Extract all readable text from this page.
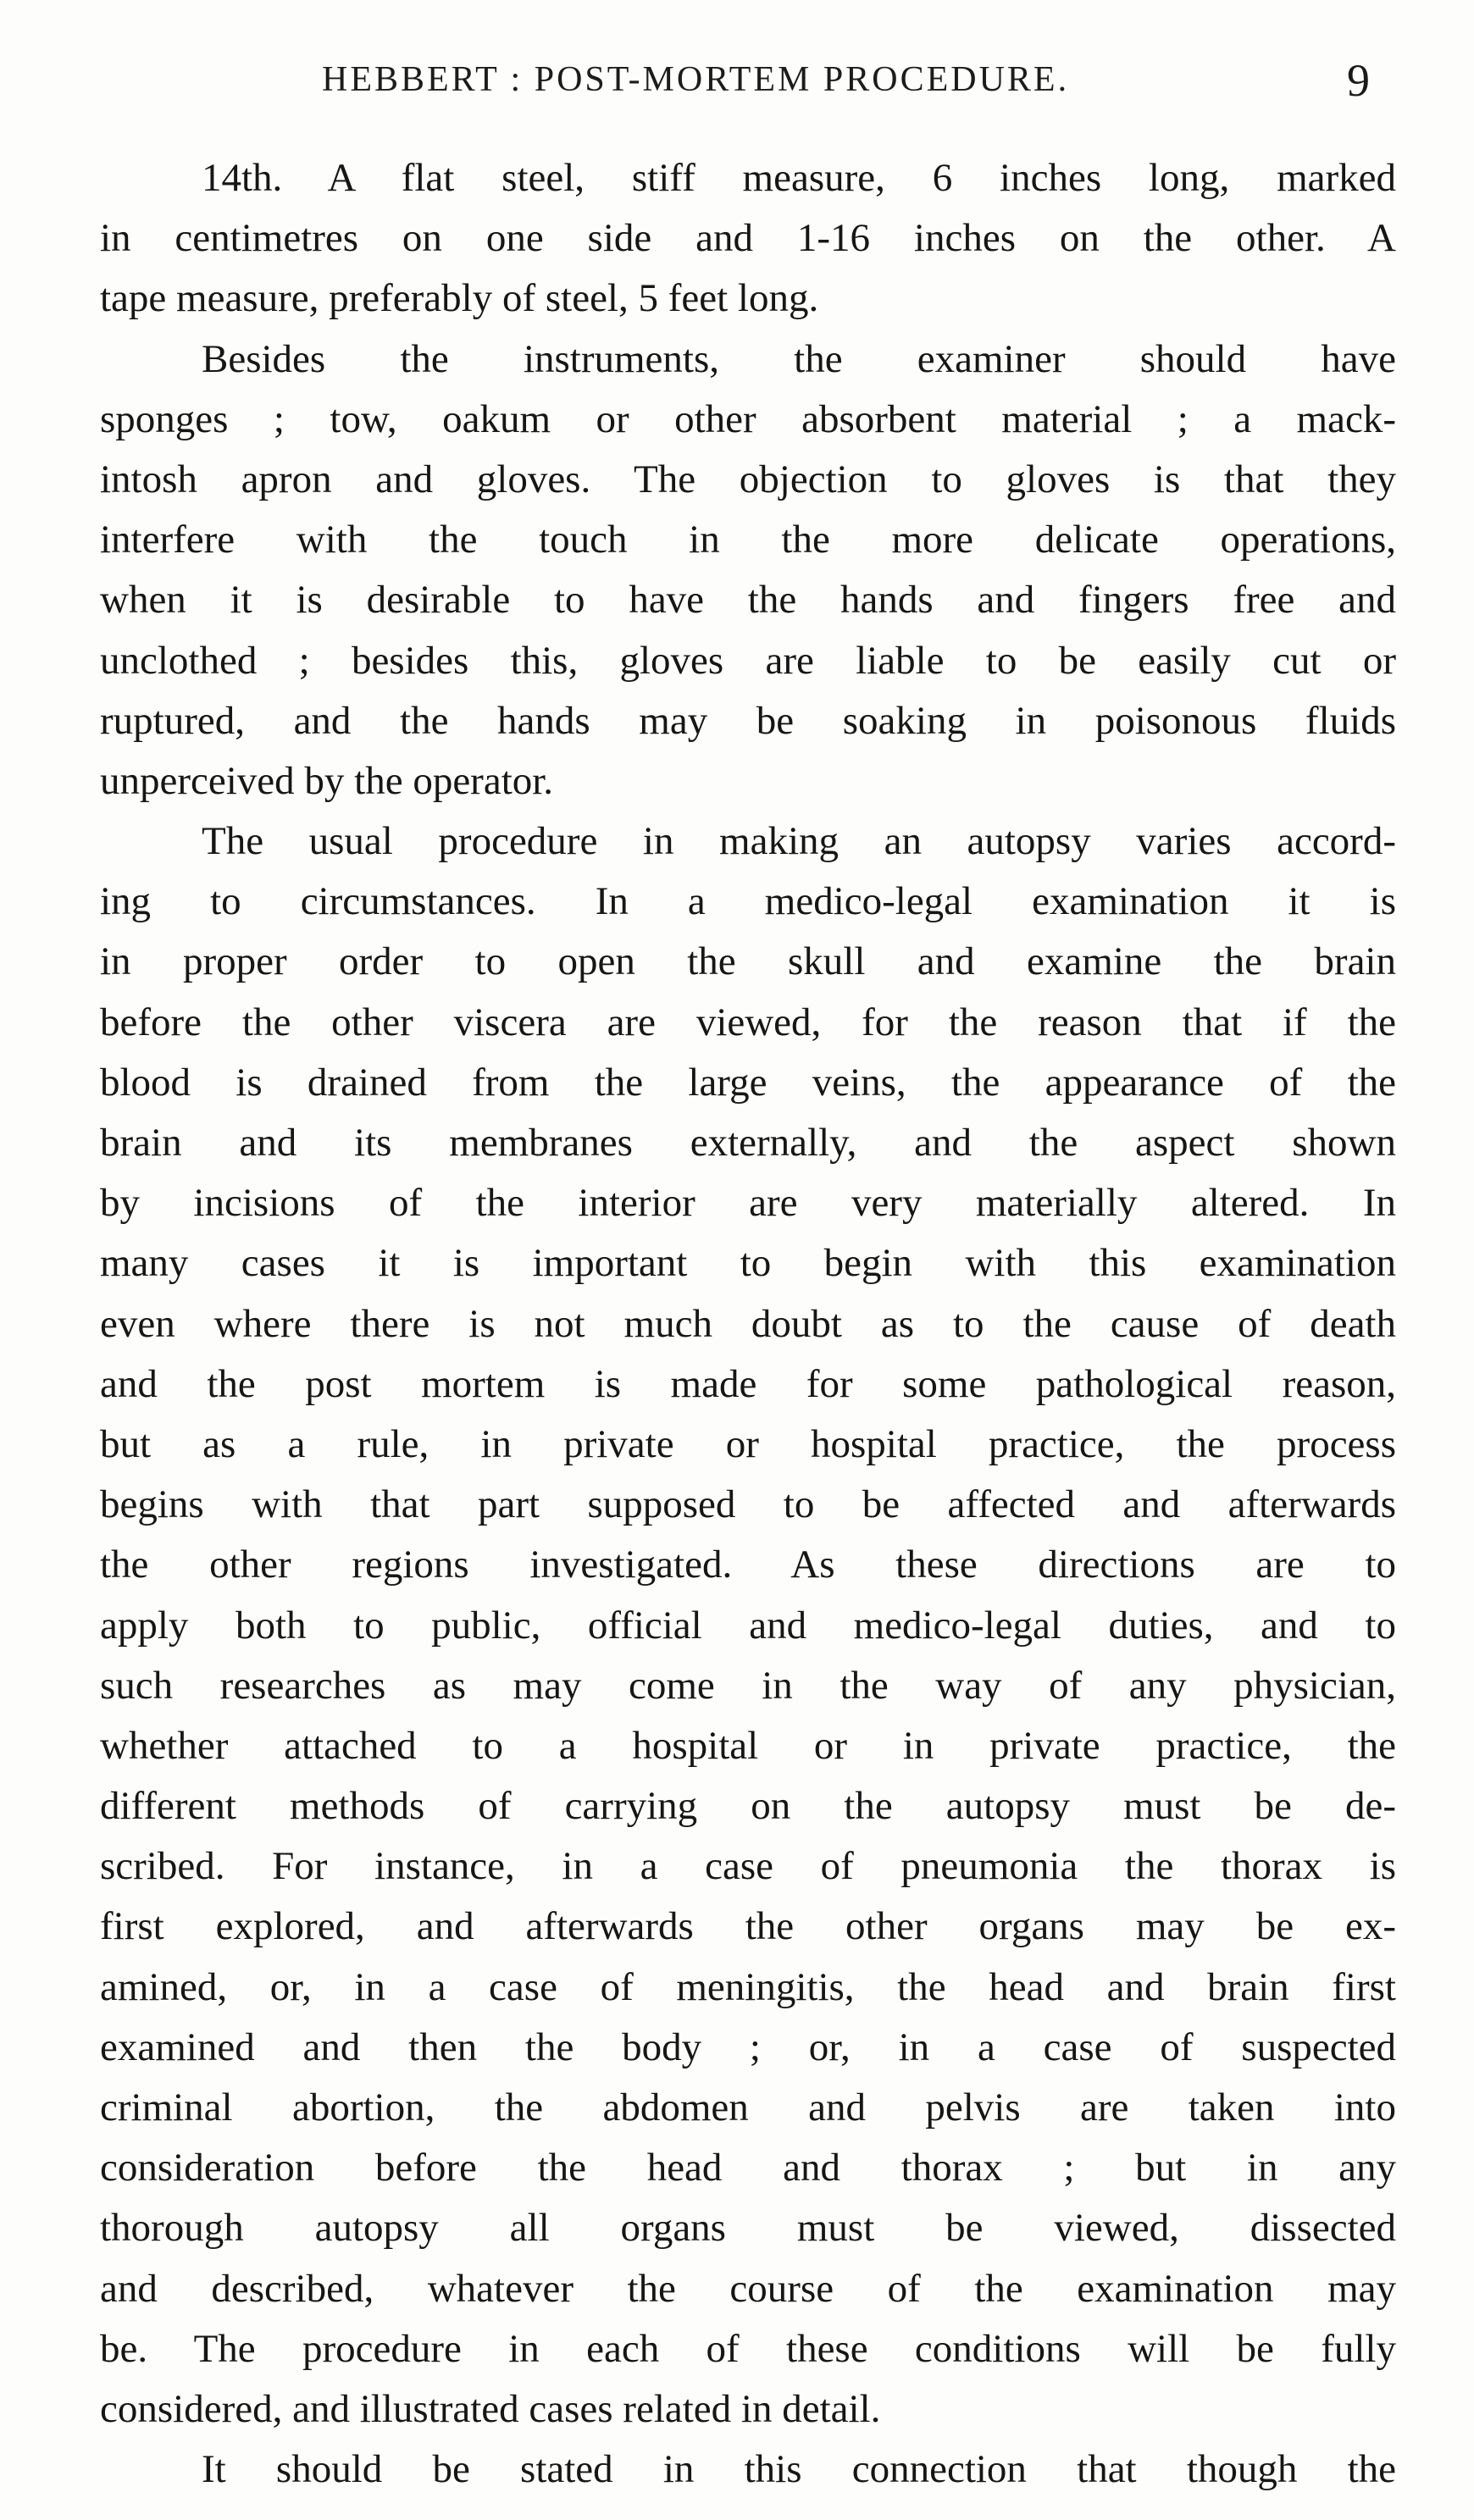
HEBBERT : POST-MORTEM PROCEDURE.	9
14th. A flat steel, stiff measure, 6 inches long, marked
in centimetres on one side and 1-16 inches on the other. A
tape measure, preferably of steel, 5 feet long.
Besides the instruments, the examiner should have
sponges ; tow, oakum or other absorbent material ; a mack-
intosh apron and gloves. The objection to gloves is that they
interfere with the touch in the more delicate operations,
when it is desirable to have the hands and fingers free and
unclothed ; besides this, gloves are liable to be easily cut or
ruptured, and the hands may be soaking in poisonous fluids
unperceived by the operator.
The usual procedure in making an autopsy varies accord-
ing to circumstances. In a medico-legal examination it is
in proper order to open the skull and examine the brain
before the other viscera are viewed, for the reason that if the
blood is drained from the large veins, the appearance of the
brain and its membranes externally, and the aspect shown
by incisions of the interior are very materially altered. In
many cases it is important to begin with this examination
even where there is not much doubt as to the cause of death
and the post mortem is made for some pathological reason,
but as a rule, in private or hospital practice, the process
begins with that part supposed to be affected and afterwards
the other regions investigated. As these directions are to
apply both to public, official and medico-legal duties, and to
such researches as may come in the way of any physician,
whether attached to a hospital or in private practice, the
different methods of carrying on the autopsy must be de-
scribed. For instance, in a case of pneumonia the thorax is
first explored, and afterwards the other organs may be ex-
amined, or, in a case of meningitis, the head and brain first
examined and then the body ; or, in a case of suspected
criminal abortion, the abdomen and pelvis are taken into
consideration before the head and thorax ; but in any
thorough autopsy all organs must be viewed, dissected
and described, whatever the course of the examination may
be. The procedure in each of these conditions will be fully
considered, and illustrated cases related in detail.
It should be stated in this connection that though the
